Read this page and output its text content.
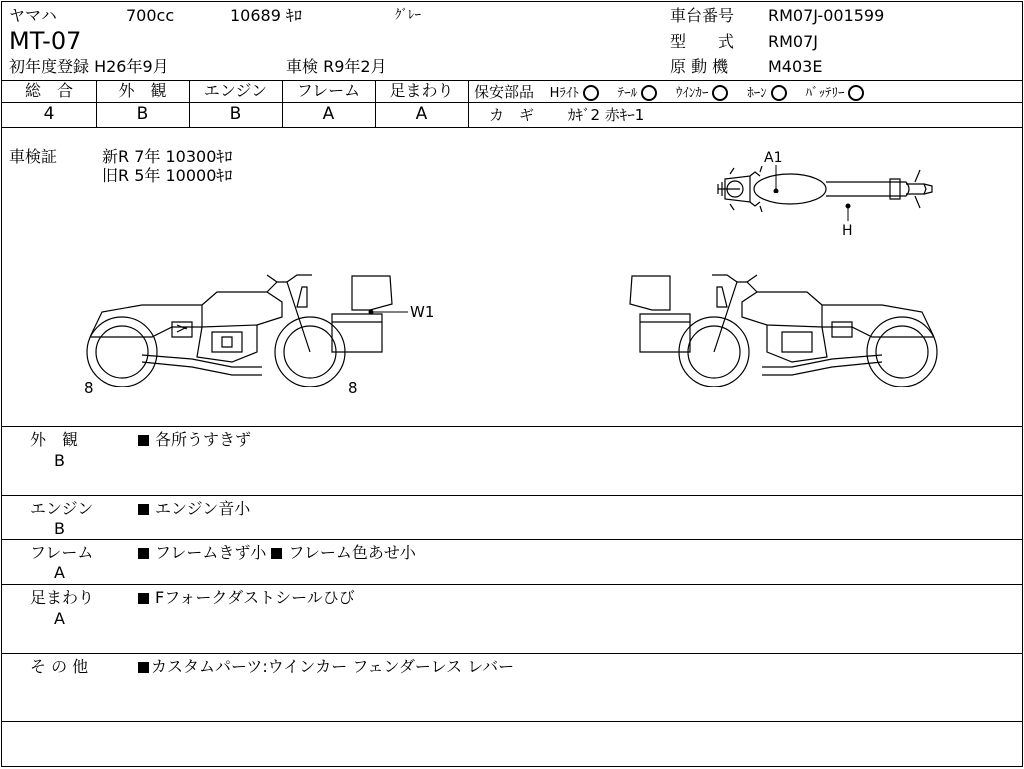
ヤマハ	700cc	10689 ｷﾛ	ｸﾞﾚｰ
MT-07
初年度登録 H26年9月	車検 R9年2月
車台番号 RM07J-001599
型　　式 RM07J
原 動 機 M403E
総　合
4
外　観
B
エンジン
B
フレーム
A
足まわり
A
保安部品 Hﾗｲﾄ	ﾃｰﾙ	ｳｲﾝｶｰ	ﾎｰﾝ	ﾊﾞｯﾃﾘｰ
カ　ギ ｶｷﾞ2 赤ｷｰ1
車検証	新R 7年 10300ｷﾛ
旧R 5年 10000ｷﾛ
A1
H
W1
8	8
外　観
B
各所うすきず
エンジン
B
エンジン音小
フレーム
A
フレームきず小 フレーム色あせ小
足まわり
A
Fフォークダストシールひび
そ の 他	カスタムパーツ:ウインカー フェンダーレス レバー
